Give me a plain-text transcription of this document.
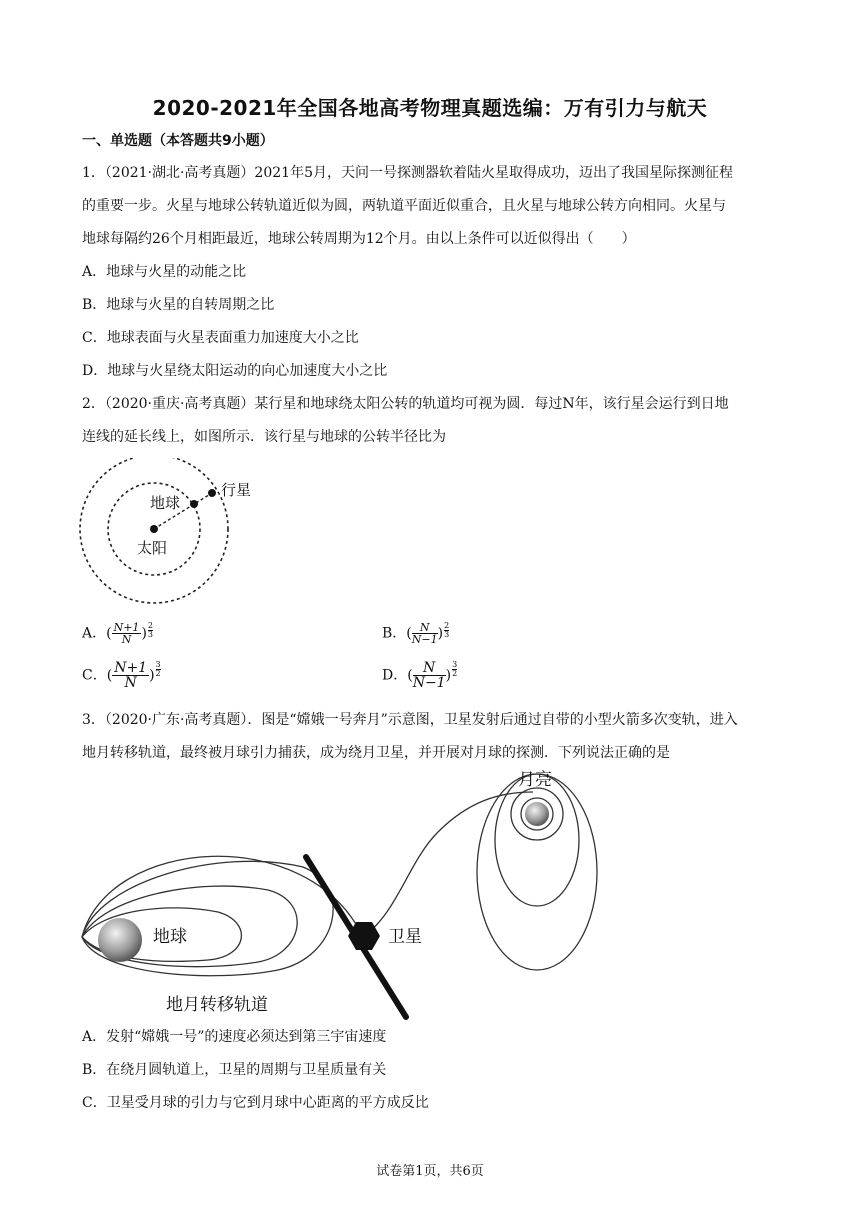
2020-2021年全国各地高考物理真题选编：万有引力与航天
一、单选题（本答题共9小题）
1．（2021·湖北·高考真题）2021年5月，天问一号探测器软着陆火星取得成功，迈出了我国星际探测征程
的重要一步。火星与地球公转轨道近似为圆，两轨道平面近似重合，且火星与地球公转方向相同。火星与
地球每隔约26个月相距最近，地球公转周期为12个月。由以上条件可以近似得出（　　）
A．地球与火星的动能之比
B．地球与火星的自转周期之比
C．地球表面与火星表面重力加速度大小之比
D．地球与火星绕太阳运动的向心加速度大小之比
2．（2020·重庆·高考真题）某行星和地球绕太阳公转的轨道均可视为圆．每过N年，该行星会运行到日地
连线的延长线上，如图所示．该行星与地球的公转半径比为
行星
地球
太阳
A．( $\frac{N+1}{N}$ ) $\frac{2}{3}$	B．( $\frac{N}{N-1}$ ) $\frac{2}{3}$
C．( $\frac{N+1}{N}$ ) $\frac{3}{2}$	D．( $\frac{N}{N-1}$ ) $\frac{3}{2}$
3．（2020·广东·高考真题）．图是“嫦娥一号奔月”示意图，卫星发射后通过自带的小型火箭多次变轨，进入
地月转移轨道，最终被月球引力捕获，成为绕月卫星，并开展对月球的探测．下列说法正确的是
月亮
地球	卫星
地月转移轨道
A．发射“嫦娥一号”的速度必须达到第三宇宙速度
B．在绕月圆轨道上，卫星的周期与卫星质量有关
C．卫星受月球的引力与它到月球中心距离的平方成反比
试卷第1页，共6页
